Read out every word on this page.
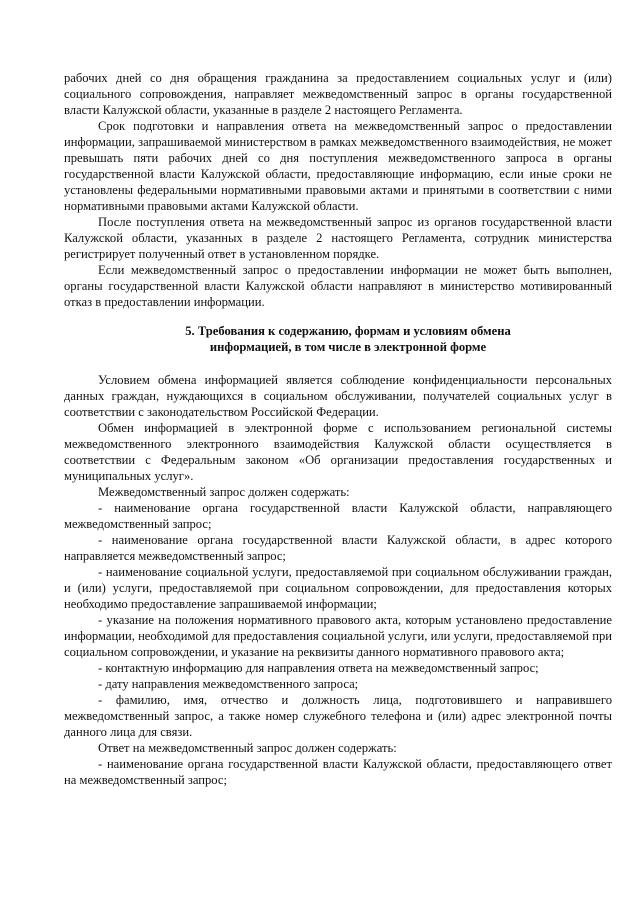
рабочих дней со дня обращения гражданина за предоставлением социальных услуг и (или) социального сопровождения, направляет межведомственный запрос в органы государственной власти Калужской области, указанные в разделе 2 настоящего Регламента.

Срок подготовки и направления ответа на межведомственный запрос о предоставлении информации, запрашиваемой министерством в рамках межведомственного взаимодействия, не может превышать пяти рабочих дней со дня поступления межведомственного запроса в органы государственной власти Калужской области, предоставляющие информацию, если иные сроки не установлены федеральными нормативными правовыми актами и принятыми в соответствии с ними нормативными правовыми актами Калужской области.

После поступления ответа на межведомственный запрос из органов государственной власти Калужской области, указанных в разделе 2 настоящего Регламента, сотрудник министерства регистрирует полученный ответ в установленном порядке.

Если межведомственный запрос о предоставлении информации не может быть выполнен, органы государственной власти Калужской области направляют в министерство мотивированный отказ в предоставлении информации.

5. Требования к содержанию, формам и условиям обмена
информацией, в том числе в электронной форме

Условием обмена информацией является соблюдение конфиденциальности персональных данных граждан, нуждающихся в социальном обслуживании, получателей социальных услуг в соответствии с законодательством Российской Федерации.

Обмен информацией в электронной форме с использованием региональной системы межведомственного электронного взаимодействия Калужской области осуществляется в соответствии с Федеральным законом «Об организации предоставления государственных и муниципальных услуг».

Межведомственный запрос должен содержать:

- наименование органа государственной власти Калужской области, направляющего межведомственный запрос;

- наименование органа государственной власти Калужской области, в адрес которого направляется межведомственный запрос;

- наименование социальной услуги, предоставляемой при социальном обслуживании граждан, и (или) услуги, предоставляемой при социальном сопровождении, для предоставления которых необходимо предоставление запрашиваемой информации;

- указание на положения нормативного правового акта, которым установлено предоставление информации, необходимой для предоставления социальной услуги, или услуги, предоставляемой при социальном сопровождении, и указание на реквизиты данного нормативного правового акта;

- контактную информацию для направления ответа на межведомственный запрос;

- дату направления межведомственного запроса;

- фамилию, имя, отчество и должность лица, подготовившего и направившего межведомственный запрос, а также номер служебного телефона и (или) адрес электронной почты данного лица для связи.

Ответ на межведомственный запрос должен содержать:

- наименование органа государственной власти Калужской области, предоставляющего ответ на межведомственный запрос;
